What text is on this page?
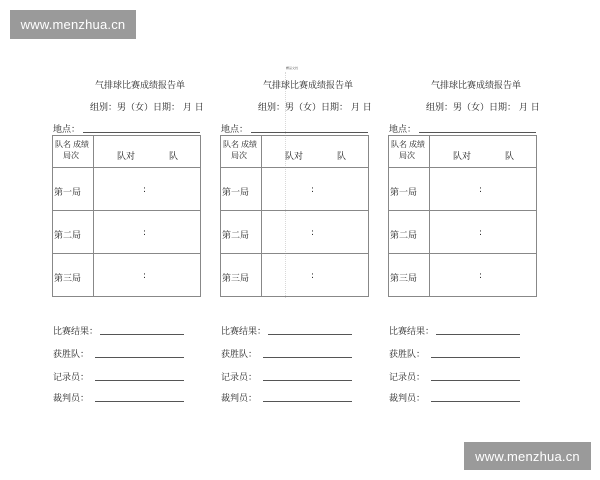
www.menzhua.cn
精品文档
气排球比赛成绩报告单
组别：男（女）日期： 月 日
地点：
队名 成绩
局次	队对	队
第一局	:
第二局	:
第三局	:
比赛结果：
获胜队：
记录员：
裁判员：
气排球比赛成绩报告单
组别：男（女）日期： 月 日
地点：
队名 成绩
局次	队对	队
第一局	:
第二局	:
第三局	:
比赛结果：
获胜队：
记录员：
裁判员：
气排球比赛成绩报告单
组别：男（女）日期： 月 日
地点：
队名 成绩
局次	队对	队
第一局	:
第二局	:
第三局	:
比赛结果：
获胜队：
记录员：
裁判员：
www.menzhua.cn
